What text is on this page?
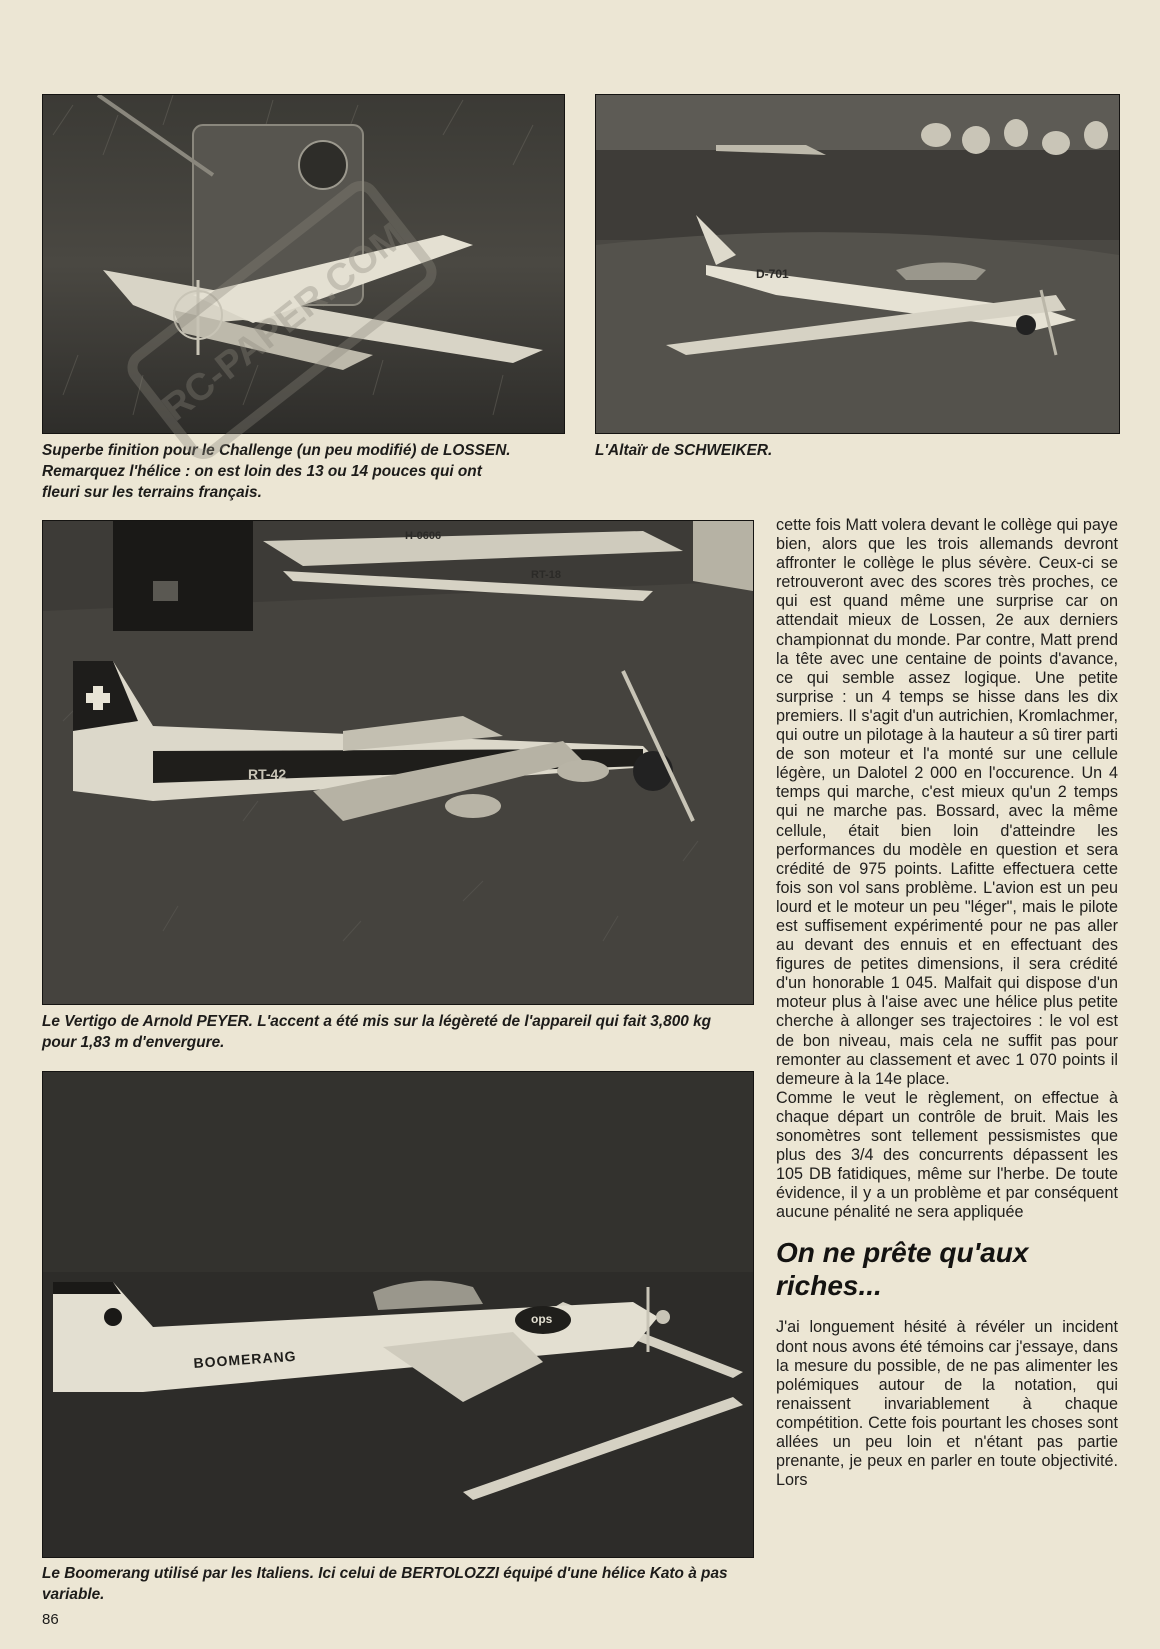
Superbe finition pour le Challenge (un peu modifié) de LOSSEN. Remarquez l'hélice : on est loin des 13 ou 14 pouces qui ont fleuri sur les terrains français.

D-701

L'Altaïr de SCHWEIKER.

RC-PAPER.COM
RT-18
H-0606
RT-42

Le Vertigo de Arnold PEYER. L'accent a été mis sur la légèreté de l'appareil qui fait 3,800 kg pour 1,83 m d'envergure.

BOOMERANG
ops

Le Boomerang utilisé par les Italiens. Ici celui de BERTOLOZZI équipé d'une hélice Kato à pas variable.

cette fois Matt volera devant le collège qui paye bien, alors que les trois allemands devront affronter le collège le plus sévère. Ceux-ci se retrouveront avec des scores très proches, ce qui est quand même une surprise car on attendait mieux de Lossen, 2e aux derniers championnat du monde. Par contre, Matt prend la tête avec une centaine de points d'avance, ce qui semble assez logique. Une petite surprise : un 4 temps se hisse dans les dix premiers. Il s'agit d'un autrichien, Kromlachmer, qui outre un pilotage à la hauteur a sû tirer parti de son moteur et l'a monté sur une cellule légère, un Dalotel 2 000 en l'occurence. Un 4 temps qui marche, c'est mieux qu'un 2 temps qui ne marche pas. Bossard, avec la même cellule, était bien loin d'atteindre les performances du modèle en question et sera crédité de 975 points. Lafitte effectuera cette fois son vol sans problème. L'avion est un peu lourd et le moteur un peu "léger", mais le pilote est suffisement expérimenté pour ne pas aller au devant des ennuis et en effectuant des figures de petites dimensions, il sera crédité d'un honorable 1 045. Malfait qui dispose d'un moteur plus à l'aise avec une hélice plus petite cherche à allonger ses trajectoires : le vol est de bon niveau, mais cela ne suffit pas pour remonter au classement et avec 1 070 points il demeure à la 14e place.

Comme le veut le règlement, on effectue à chaque départ un contrôle de bruit. Mais les sonomètres sont tellement pessismistes que plus des 3/4 des concurrents dépassent les 105 DB fatidiques, même sur l'herbe. De toute évidence, il y a un problème et par conséquent aucune pénalité ne sera appliquée

On ne prête qu'aux riches...

J'ai longuement hésité à révéler un incident dont nous avons été témoins car j'essaye, dans la mesure du possible, de ne pas alimenter les polémiques autour de la notation, qui renaissent invariablement à chaque compétition. Cette fois pourtant les choses sont allées un peu loin et n'étant pas partie prenante, je peux en parler en toute objectivité. Lors

86
